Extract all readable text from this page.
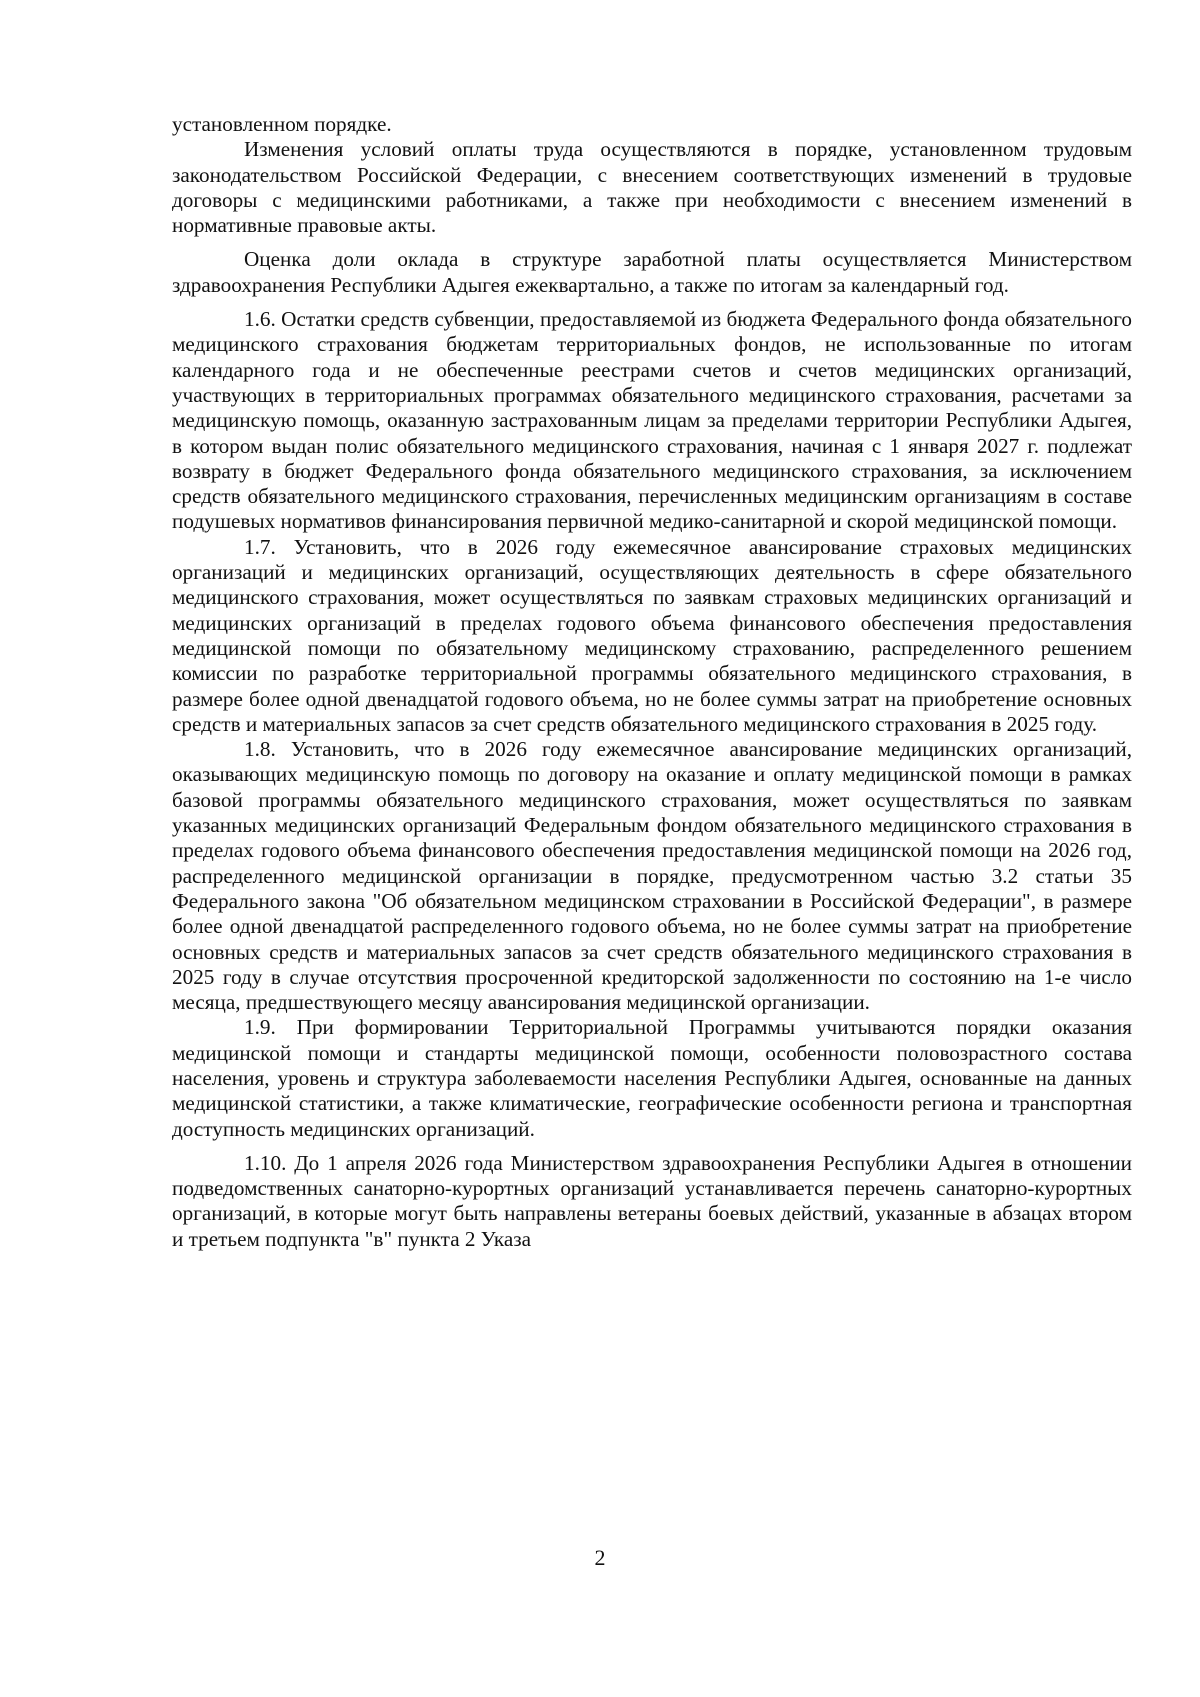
установленном порядке.

Изменения условий оплаты труда осуществляются в порядке, установленном трудовым законодательством Российской Федерации, с внесением соответствующих изменений в трудовые договоры с медицинскими работниками, а также при необходимости с внесением изменений в нормативные правовые акты.

Оценка доли оклада в структуре заработной платы осуществляется Министерством здравоохранения Республики Адыгея ежеквартально, а также по итогам за календарный год.

1.6. Остатки средств субвенции, предоставляемой из бюджета Федерального фонда обязательного медицинского страхования бюджетам территориальных фондов, не использованные по итогам календарного года и не обеспеченные реестрами счетов и счетов медицинских организаций, участвующих в территориальных программах обязательного медицинского страхования, расчетами за медицинскую помощь, оказанную застрахованным лицам за пределами территории Республики Адыгея, в котором выдан полис обязательного медицинского страхования, начиная с 1 января 2027 г. подлежат возврату в бюджет Федерального фонда обязательного медицинского страхования, за исключением средств обязательного медицинского страхования, перечисленных медицинским организациям в составе подушевых нормативов финансирования первичной медико-санитарной и скорой медицинской помощи.

1.7. Установить, что в 2026 году ежемесячное авансирование страховых медицинских организаций и медицинских организаций, осуществляющих деятельность в сфере обязательного медицинского страхования, может осуществляться по заявкам страховых медицинских организаций и медицинских организаций в пределах годового объема финансового обеспечения предоставления медицинской помощи по обязательному медицинскому страхованию, распределенного решением комиссии по разработке территориальной программы обязательного медицинского страхования, в размере более одной двенадцатой годового объема, но не более суммы затрат на приобретение основных средств и материальных запасов за счет средств обязательного медицинского страхования в 2025 году.

1.8. Установить, что в 2026 году ежемесячное авансирование медицинских организаций, оказывающих медицинскую помощь по договору на оказание и оплату медицинской помощи в рамках базовой программы обязательного медицинского страхования, может осуществляться по заявкам указанных медицинских организаций Федеральным фондом обязательного медицинского страхования в пределах годового объема финансового обеспечения предоставления медицинской помощи на 2026 год, распределенного медицинской организации в порядке, предусмотренном частью 3.2 статьи 35 Федерального закона "Об обязательном медицинском страховании в Российской Федерации", в размере более одной двенадцатой распределенного годового объема, но не более суммы затрат на приобретение основных средств и материальных запасов за счет средств обязательного медицинского страхования в 2025 году в случае отсутствия просроченной кредиторской задолженности по состоянию на 1-е число месяца, предшествующего месяцу авансирования медицинской организации.

1.9. При формировании Территориальной Программы учитываются порядки оказания медицинской помощи и стандарты медицинской помощи, особенности половозрастного состава населения, уровень и структура заболеваемости населения Республики Адыгея, основанные на данных медицинской статистики, а также климатические, географические особенности региона и транспортная доступность медицинских организаций.

1.10. До 1 апреля 2026 года Министерством здравоохранения Республики Адыгея в отношении подведомственных санаторно-курортных организаций устанавливается перечень санаторно-курортных организаций, в которые могут быть направлены ветераны боевых действий, указанные в абзацах втором и третьем подпункта "в" пункта 2 Указа

2
